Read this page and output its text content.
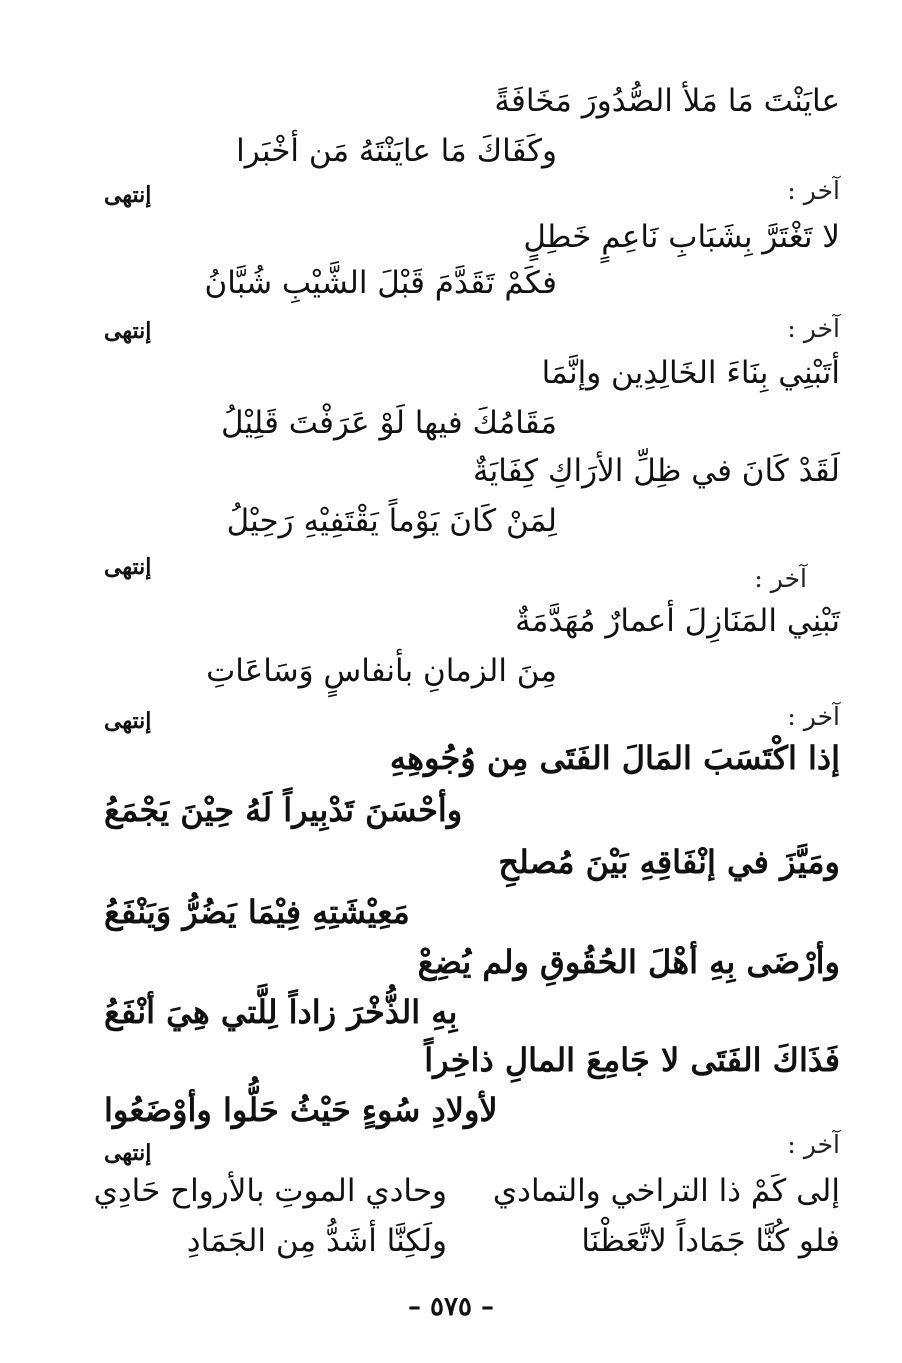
عايَنْتَ مَا مَلأ الصُّدُورَ مَخَافَةً
وكَفَاكَ مَا عايَنْتَهُ مَن أخْبَرا
آخر :
إنتهى
لا تَغْتَرَّ بِشَبَابِ نَاعِمٍ خَطِلٍ
فكَمْ تَقَدَّمَ قَبْلَ الشَّيْبِ شُبَّانُ
آخر :
إنتهى
أتَبْنِي بِنَاءَ الخَالِدِين وإنَّمَا
مَقَامُكَ فيها لَوْ عَرَفْتَ قَلِيْلُ
لَقَدْ كَانَ في ظِلِّ الأرَاكِ كِفَايَةٌ
لِمَنْ كَانَ يَوْماً يَقْتَفِيْهِ رَحِيْلُ
إنتهى	آخر :
تَبْنِي المَنَازِلَ أعمارٌ مُهَدَّمَةٌ
مِنَ الزمانِ بأنفاسٍ وَسَاعَاتِ
آخر :
إنتهى
إذا اكْتَسَبَ المَالَ الفَتَى مِن وُجُوهِهِ
وأحْسَنَ تَدْبِيراً لَهُ حِيْنَ يَجْمَعُ
ومَيَّزَ في إنْفَاقِهِ بَيْنَ مُصلحِ
مَعِيْشَتِهِ فِيْمَا يَضُرُّ وَيَنْفَعُ
وأرْضَى بِهِ أهْلَ الحُقُوقِ ولم يُضِعْ
بِهِ الذُّخْرَ زاداً لِلَّتي هِيَ أنْفَعُ
فَذَاكَ الفَتَى لا جَامِعَ المالِ ذاخِراً
لأولادِ سُوءٍ حَيْثُ حَلُّوا وأوْضَعُوا
آخر :
إنتهى
إلى كَمْ ذا التراخي والتمادي
وحادي الموتِ بالأرواح حَادِي
فلو كُنَّا جَمَاداً لاتَّعَظْنَا
ولَكِنَّا أشَدُّ مِن الجَمَادِ
– ٥٧٥ –
